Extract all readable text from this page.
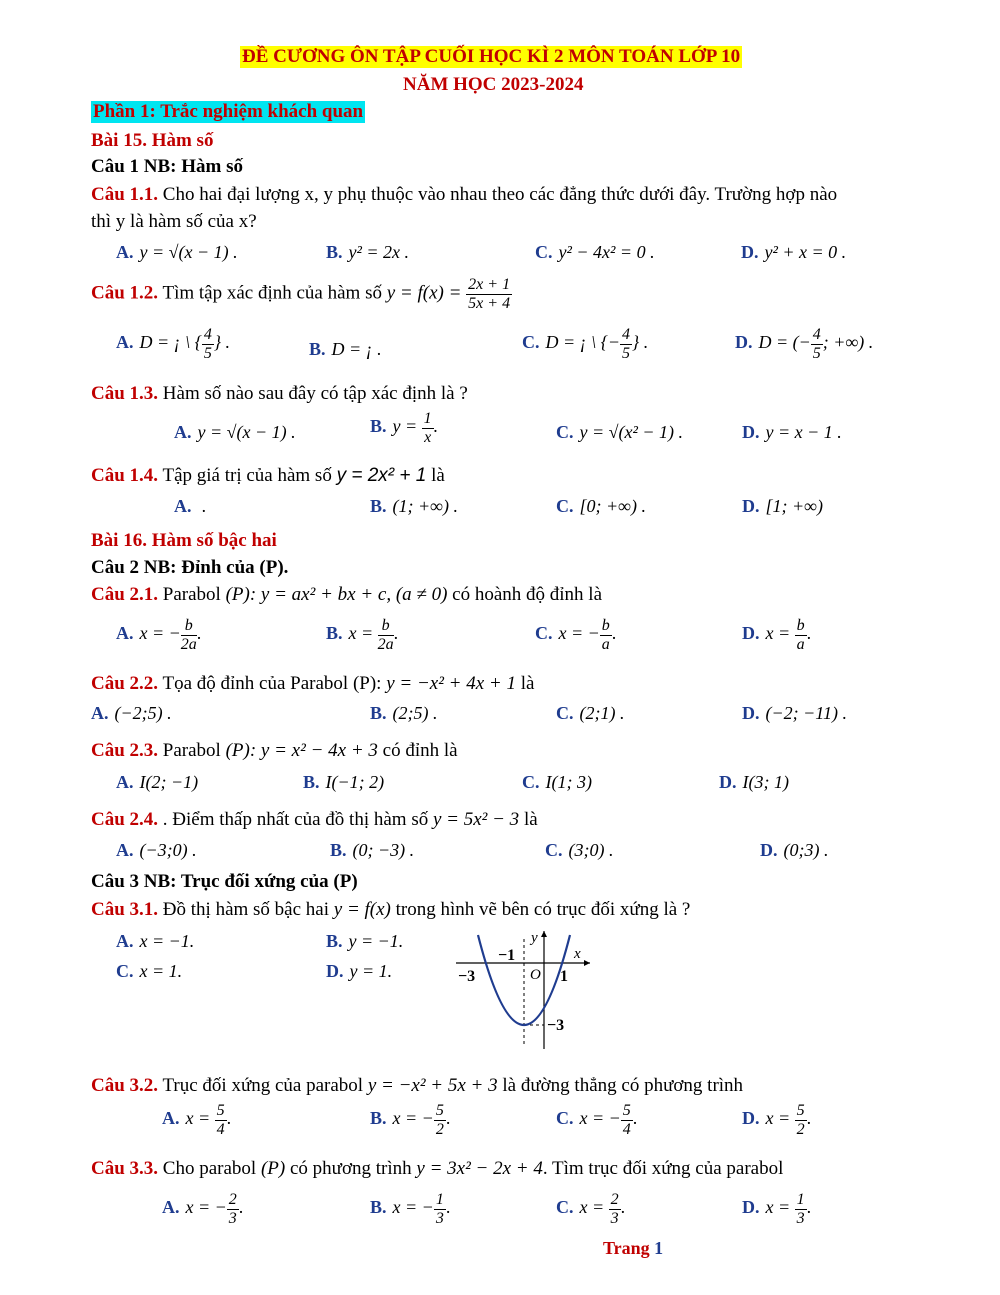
ĐỀ CƯƠNG ÔN TẬP CUỐI HỌC KÌ 2 MÔN TOÁN LỚP 10
NĂM HỌC 2023-2024
Phần 1: Trắc nghiệm khách quan
Bài 15. Hàm số
Câu 1 NB: Hàm số
Câu 1.1. Cho hai đại lượng x, y phụ thuộc vào nhau theo các đẳng thức dưới đây. Trường hợp nào
thì y là hàm số của x?
A. y = √(x − 1) .	B. y² = 2x .	C. y² − 4x² = 0 .	D. y² + x = 0 .
Câu 1.2. Tìm tập xác định của hàm số $y = f(x) = \frac{2x + 1}{5x + 4}$
A. D = ¡ \ { $\frac{4}{5}$ } .	B. D = ¡ .	C. D = ¡ \ {− $\frac{4}{5}$ } .	D. D = (− $\frac{4}{5}$ ; +∞) .
Câu 1.3. Hàm số nào sau đây có tập xác định là ?
A. y = √(x − 1) .	B. $y = \frac{1}{x}$ .	C. y = √(x² − 1) .	D. y = x − 1 .
Câu 1.4. Tập giá trị của hàm số y = 2x² + 1 là
A. .	B. (1; +∞) .	C. [0; +∞) .	D. [1; +∞)
Bài 16. Hàm số bậc hai
Câu 2 NB: Đỉnh của (P).
Câu 2.1. Parabol (P): y = ax² + bx + c, (a ≠ 0) có hoành độ đỉnh là
A. x = − $\frac{b}{2a}$ .	B. $x = \frac{b}{2a}$ .	C. x = − $\frac{b}{a}$ .	D. $x = \frac{b}{a}$ .
Câu 2.2. Tọa độ đỉnh của Parabol (P): y = −x² + 4x + 1 là
A. (−2;5) .	B. (2;5) .	C. (2;1) .	D. (−2; −11) .
Câu 2.3. Parabol (P): y = x² − 4x + 3 có đỉnh là
A. I(2; −1)	B. I(−1; 2)	C. I(1; 3)	D. I(3; 1)
Câu 2.4. . Điểm thấp nhất của đồ thị hàm số y = 5x² − 3 là
A. (−3;0) .	B. (0; −3) .	C. (3;0) .	D. (0;3) .
Câu 3 NB: Trục đối xứng của (P)
Câu 3.1. Đồ thị hàm số bậc hai y = f(x) trong hình vẽ bên có trục đối xứng là ?
A. x = −1.	B. y = −1.
C. x = 1.	D. y = 1.
y
x
O
−1
−3	1
−3
Câu 3.2. Trục đối xứng của parabol y = −x² + 5x + 3 là đường thẳng có phương trình
A. $x = \frac{5}{4}$ .	B. x = − $\frac{5}{2}$ .	C. x = − $\frac{5}{4}$ .	D. $x = \frac{5}{2}$ .
Câu 3.3. Cho parabol (P) có phương trình y = 3x² − 2x + 4. Tìm trục đối xứng của parabol
A. x = − $\frac{2}{3}$ .	B. x = − $\frac{1}{3}$ .	C. $x = \frac{2}{3}$ .	D. $x = \frac{1}{3}$ .
Trang 1
